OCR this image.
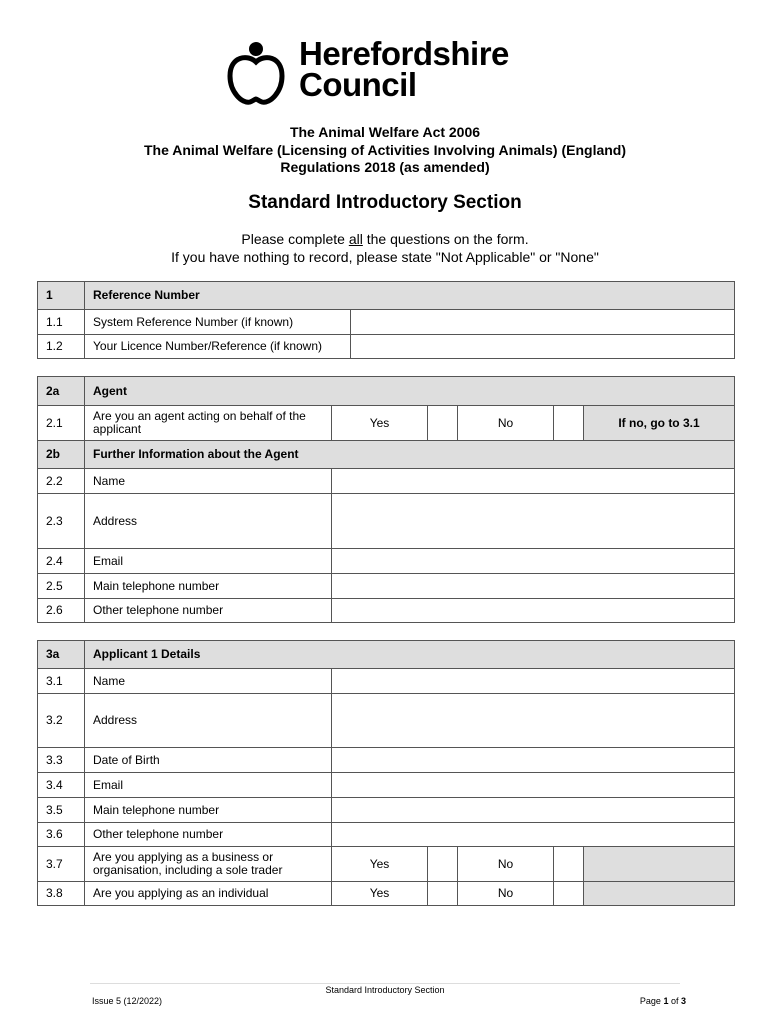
Herefordshire
Council
The Animal Welfare Act 2006
The Animal Welfare (Licensing of Activities Involving Animals) (England)
Regulations 2018 (as amended)
Standard Introductory Section
Please complete all the questions on the form.
If you have nothing to record, please state "Not Applicable" or "None"
1	Reference Number	
1.1	System Reference Number (if known)	
1.2	Your Licence Number/Reference (if known)	
2a	Agent					
2.1	Are you an agent acting on behalf of the applicant	Yes		No		If no, go to 3.1
2b	Further Information about the Agent					
2.2	Name					
2.3	Address					
2.4	Email					
2.5	Main telephone number					
2.6	Other telephone number					
3a	Applicant 1 Details					
3.1	Name					
3.2	Address					
3.3	Date of Birth					
3.4	Email					
3.5	Main telephone number					
3.6	Other telephone number					
3.7	Are you applying as a business or organisation, including a sole trader	Yes		No		
3.8	Are you applying as an individual	Yes		No		
Standard Introductory Section
Issue 5 (12/2022)	Page 1 of 3
